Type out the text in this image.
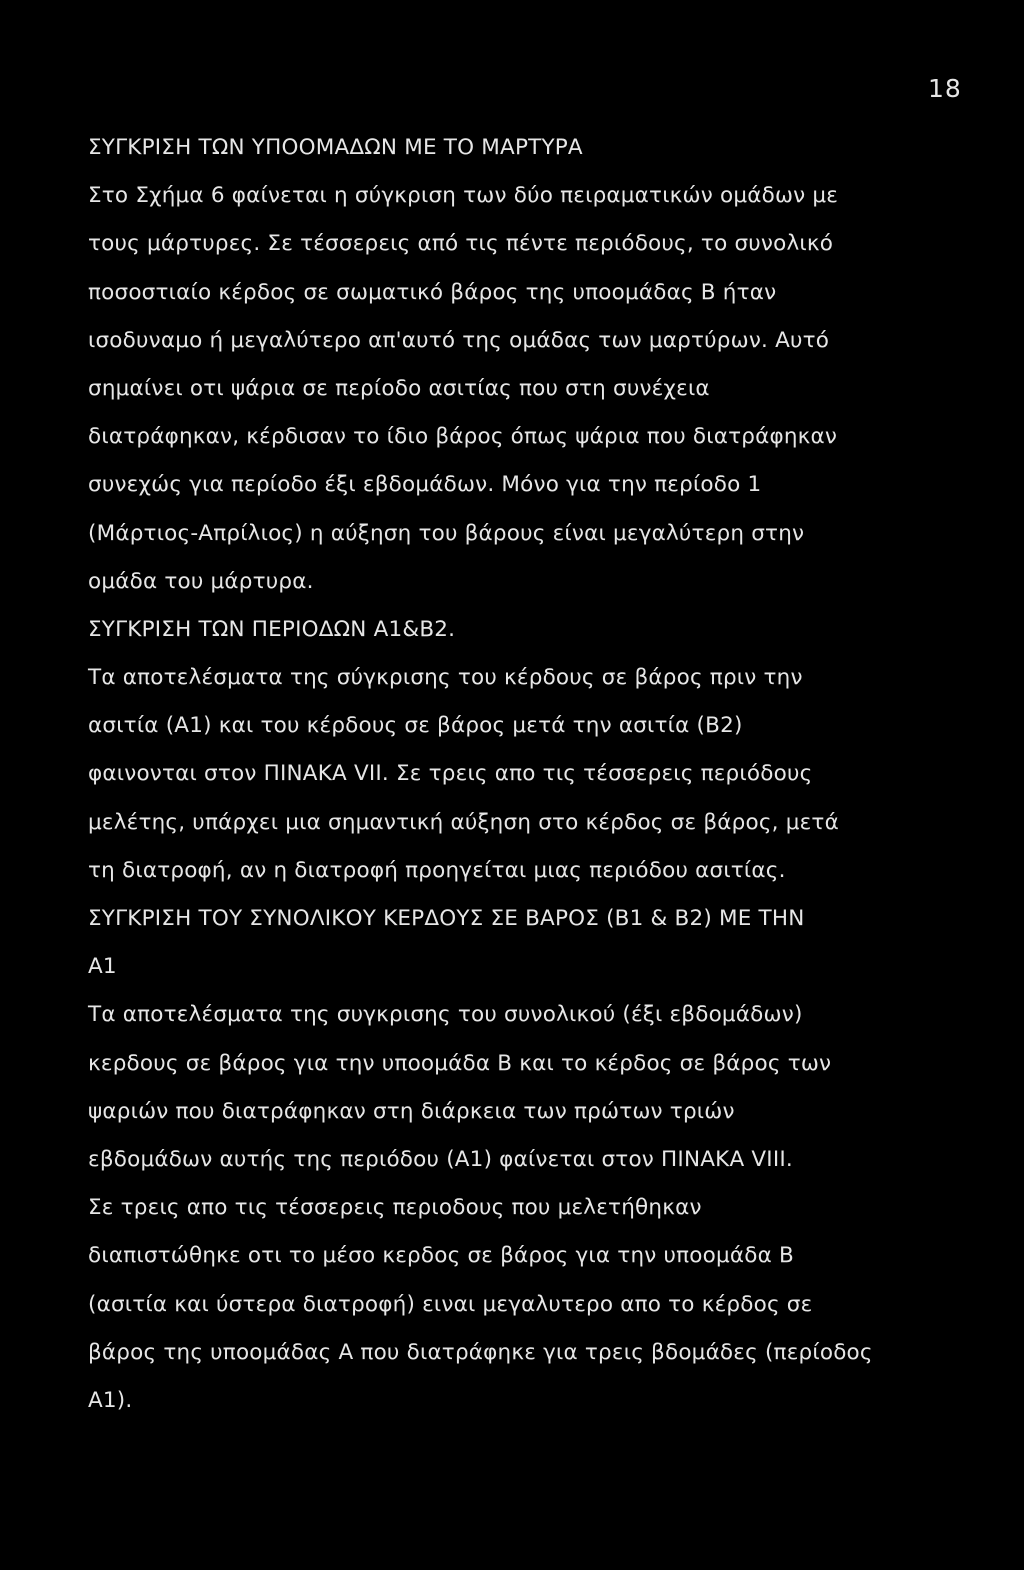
18
ΣΥΓΚΡΙΣΗ ΤΩΝ ΥΠΟΟΜΑΔΩΝ ΜΕ ΤΟ ΜΑΡΤΥΡΑ
Στο Σχήμα 6 φαίνεται η σύγκριση των δύο πειραματικών ομάδων με
τους μάρτυρες. Σε τέσσερεις από τις πέντε περιόδους, το συνολικό
ποσοστιαίο κέρδος σε σωματικό βάρος της υποομάδας Β ήταν
ισοδυναμο ή μεγαλύτερο απ'αυτό της ομάδας των μαρτύρων. Αυτό
σημαίνει οτι ψάρια σε περίοδο ασιτίας που στη συνέχεια
διατράφηκαν, κέρδισαν το ίδιο βάρος όπως ψάρια που διατράφηκαν
συνεχώς για περίοδο έξι εβδομάδων. Μόνο για την περίοδο 1
(Μάρτιος-Απρίλιος) η αύξηση του βάρους είναι μεγαλύτερη στην
ομάδα του μάρτυρα.
ΣΥΓΚΡΙΣΗ ΤΩΝ ΠΕΡΙΟΔΩΝ Α1&Β2.
Τα αποτελέσματα της σύγκρισης του κέρδους σε βάρος πριν την
ασιτία (Α1) και του κέρδους σε βάρος μετά την ασιτία (Β2)
φαινονται στον ΠΙΝΑΚΑ VII. Σε τρεις απο τις τέσσερεις περιόδους
μελέτης, υπάρχει μια σημαντική αύξηση στο κέρδος σε βάρος, μετά
τη διατροφή, αν η διατροφή προηγείται μιας περιόδου ασιτίας.
ΣΥΓΚΡΙΣΗ ΤΟΥ ΣΥΝΟΛΙΚΟΥ ΚΕΡΔΟΥΣ ΣΕ ΒΑΡΟΣ (Β1 & Β2) ΜΕ ΤΗΝ
Α1
Τα αποτελέσματα της συγκρισης του συνολικού (έξι εβδομάδων)
κερδους σε βάρος για την υποομάδα Β και το κέρδος σε βάρος των
ψαριών που διατράφηκαν στη διάρκεια των πρώτων τριών
εβδομάδων αυτής της περιόδου (Α1) φαίνεται στον ΠΙΝΑΚΑ VIII.
Σε τρεις απο τις τέσσερεις περιοδους που μελετήθηκαν
διαπιστώθηκε οτι το μέσο κερδος σε βάρος για την υποομάδα Β
(ασιτία και ύστερα διατροφή) ειναι μεγαλυτερο απο το κέρδος σε
βάρος της υποομάδας Α που διατράφηκε για τρεις βδομάδες (περίοδος
Α1).
